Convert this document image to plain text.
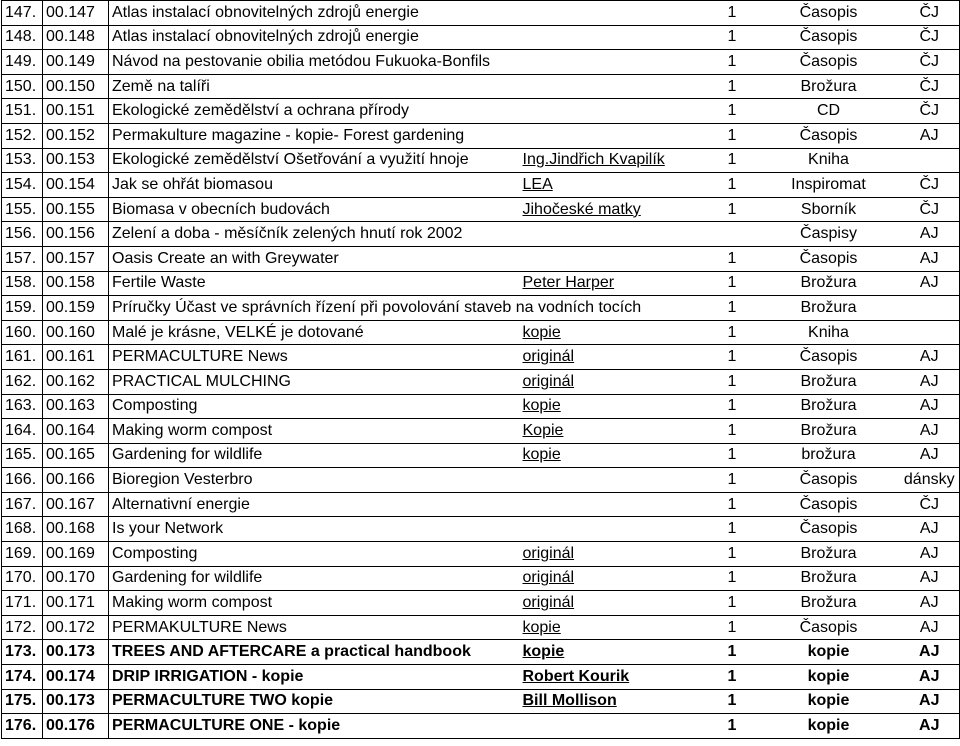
147.	00.147	Atlas instalací obnovitelných zdrojů energie		1	Časopis	ČJ
148.	00.148	Atlas instalací obnovitelných zdrojů energie		1	Časopis	ČJ
149.	00.149	Návod na pestovanie obilia metódou Fukuoka-Bonfils		1	Časopis	ČJ
150.	00.150	Země na talíři		1	Brožura	ČJ
151.	00.151	Ekologické zemědělství a ochrana přírody		1	CD	ČJ
152.	00.152	Permakulture magazine - kopie- Forest gardening		1	Časopis	AJ
153.	00.153	Ekologické zemědělství Ošetřování a využití hnoje	Ing.Jindřich Kvapilík	1	Kniha	
154.	00.154	Jak se ohřát biomasou	LEA	1	Inspiromat	ČJ
155.	00.155	Biomasa v obecních budovách	Jihočeské matky	1	Sborník	ČJ
156.	00.156	Zelení a doba - měsíčník zelených hnutí rok 2002			Časpisy	AJ
157.	00.157	Oasis Create an with Greywater		1	Časopis	AJ
158.	00.158	Fertile Waste	Peter Harper	1	Brožura	AJ
159.	00.159	Príručky Účast ve správních řízení při povolování staveb na vodních tocích		1	Brožura	
160.	00.160	Malé je krásne, VELKÉ je dotované	kopie	1	Kniha	
161.	00.161	PERMACULTURE News	originál	1	Časopis	AJ
162.	00.162	PRACTICAL MULCHING	originál	1	Brožura	AJ
163.	00.163	Composting	kopie	1	Brožura	AJ
164.	00.164	Making worm compost	Kopie	1	Brožura	AJ
165.	00.165	Gardening for wildlife	kopie	1	brožura	AJ
166.	00.166	Bioregion Vesterbro		1	Časopis	dánsky
167.	00.167	Alternativní energie		1	Časopis	ČJ
168.	00.168	Is your Network		1	Časopis	AJ
169.	00.169	Composting	originál	1	Brožura	AJ
170.	00.170	Gardening for wildlife	originál	1	Brožura	AJ
171.	00.171	Making worm compost	originál	1	Brožura	AJ
172.	00.172	PERMAKULTURE News	kopie	1	Časopis	AJ
173.	00.173	TREES AND AFTERCARE a practical handbook	kopie	1	kopie	AJ
174.	00.174	DRIP IRRIGATION - kopie	Robert Kourik	1	kopie	AJ
175.	00.173	PERMACULTURE TWO kopie	Bill Mollison	1	kopie	AJ
176.	00.176	PERMACULTURE ONE - kopie		1	kopie	AJ
